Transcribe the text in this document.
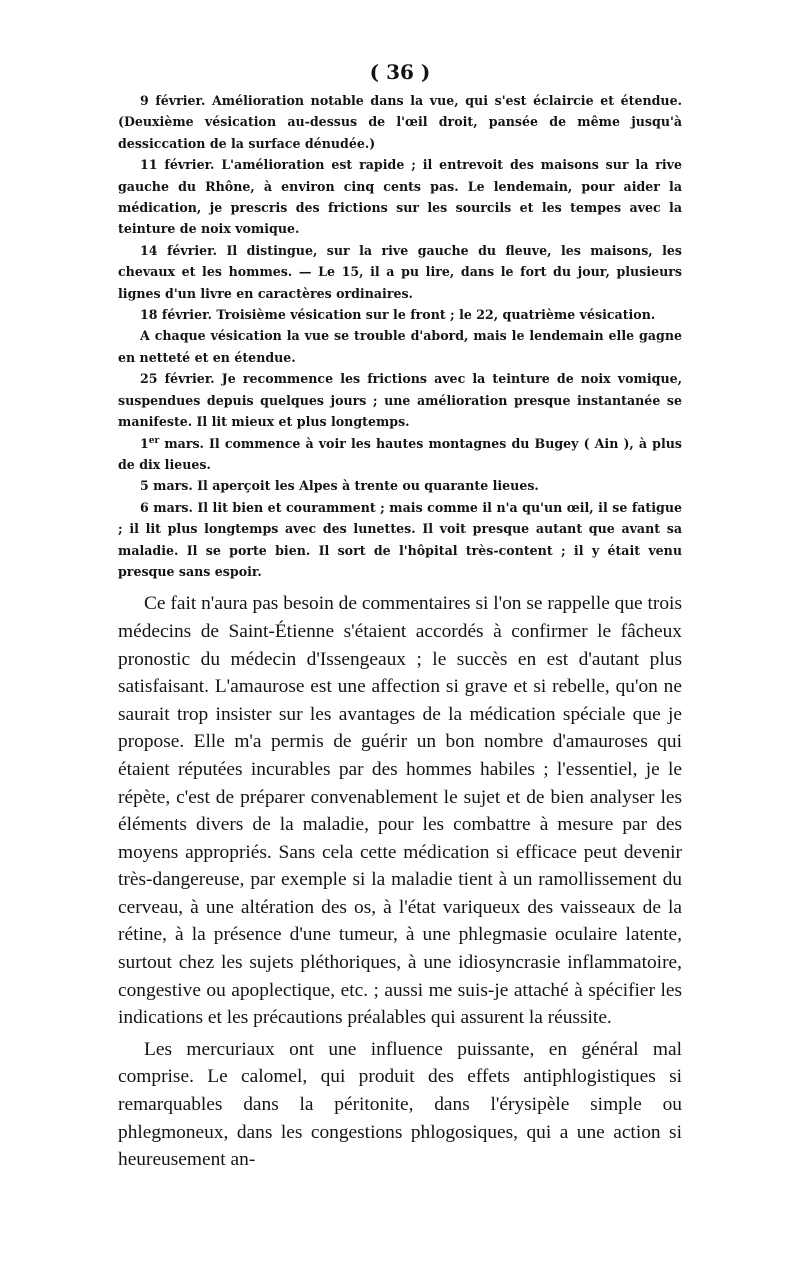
( 36 )

9 février. Amélioration notable dans la vue, qui s'est éclaircie et étendue. (Deuxième vésication au-dessus de l'œil droit, pansée de même jusqu'à dessiccation de la surface dénudée.)

11 février. L'amélioration est rapide ; il entrevoit des maisons sur la rive gauche du Rhône, à environ cinq cents pas. Le lendemain, pour aider la médication, je prescris des frictions sur les sourcils et les tempes avec la teinture de noix vomique.

14 février. Il distingue, sur la rive gauche du fleuve, les maisons, les chevaux et les hommes. — Le 15, il a pu lire, dans le fort du jour, plusieurs lignes d'un livre en caractères ordinaires.

18 février. Troisième vésication sur le front ; le 22, quatrième vésication.

A chaque vésication la vue se trouble d'abord, mais le lendemain elle gagne en netteté et en étendue.

25 février. Je recommence les frictions avec la teinture de noix vomique, suspendues depuis quelques jours ; une amélioration presque instantanée se manifeste. Il lit mieux et plus longtemps.

1er mars. Il commence à voir les hautes montagnes du Bugey ( Ain ), à plus de dix lieues.

5 mars. Il aperçoit les Alpes à trente ou quarante lieues.

6 mars. Il lit bien et couramment ; mais comme il n'a qu'un œil, il se fatigue ; il lit plus longtemps avec des lunettes. Il voit presque autant que avant sa maladie. Il se porte bien. Il sort de l'hôpital très-content ; il y était venu presque sans espoir.

Ce fait n'aura pas besoin de commentaires si l'on se rappelle que trois médecins de Saint-Étienne s'étaient accordés à confirmer le fâcheux pronostic du médecin d'Issengeaux ; le succès en est d'autant plus satisfaisant. L'amaurose est une affection si grave et si rebelle, qu'on ne saurait trop insister sur les avantages de la médication spéciale que je propose. Elle m'a permis de guérir un bon nombre d'amauroses qui étaient réputées incurables par des hommes habiles ; l'essentiel, je le répète, c'est de préparer convenablement le sujet et de bien analyser les éléments divers de la maladie, pour les combattre à mesure par des moyens appropriés. Sans cela cette médication si efficace peut devenir très-dangereuse, par exemple si la maladie tient à un ramollissement du cerveau, à une altération des os, à l'état variqueux des vaisseaux de la rétine, à la présence d'une tumeur, à une phlegmasie oculaire latente, surtout chez les sujets pléthoriques, à une idiosyncrasie inflammatoire, congestive ou apoplectique, etc. ; aussi me suis-je attaché à spécifier les indications et les précautions préalables qui assurent la réussite.

Les mercuriaux ont une influence puissante, en général mal comprise. Le calomel, qui produit des effets antiphlogistiques si remarquables dans la péritonite, dans l'érysipèle simple ou phlegmoneux, dans les congestions phlogosiques, qui a une action si heureusement an-
